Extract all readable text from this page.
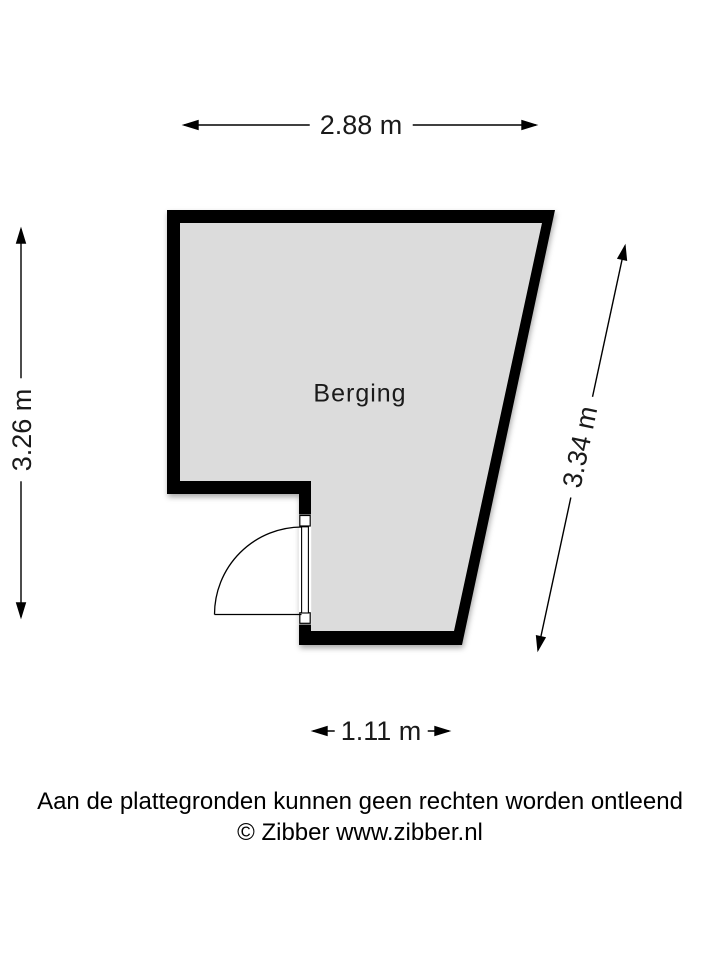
Berging
2.88 m
3.26 m	3.34 m
1.11 m
Aan de plattegronden kunnen geen rechten worden ontleend
© Zibber www.zibber.nl
